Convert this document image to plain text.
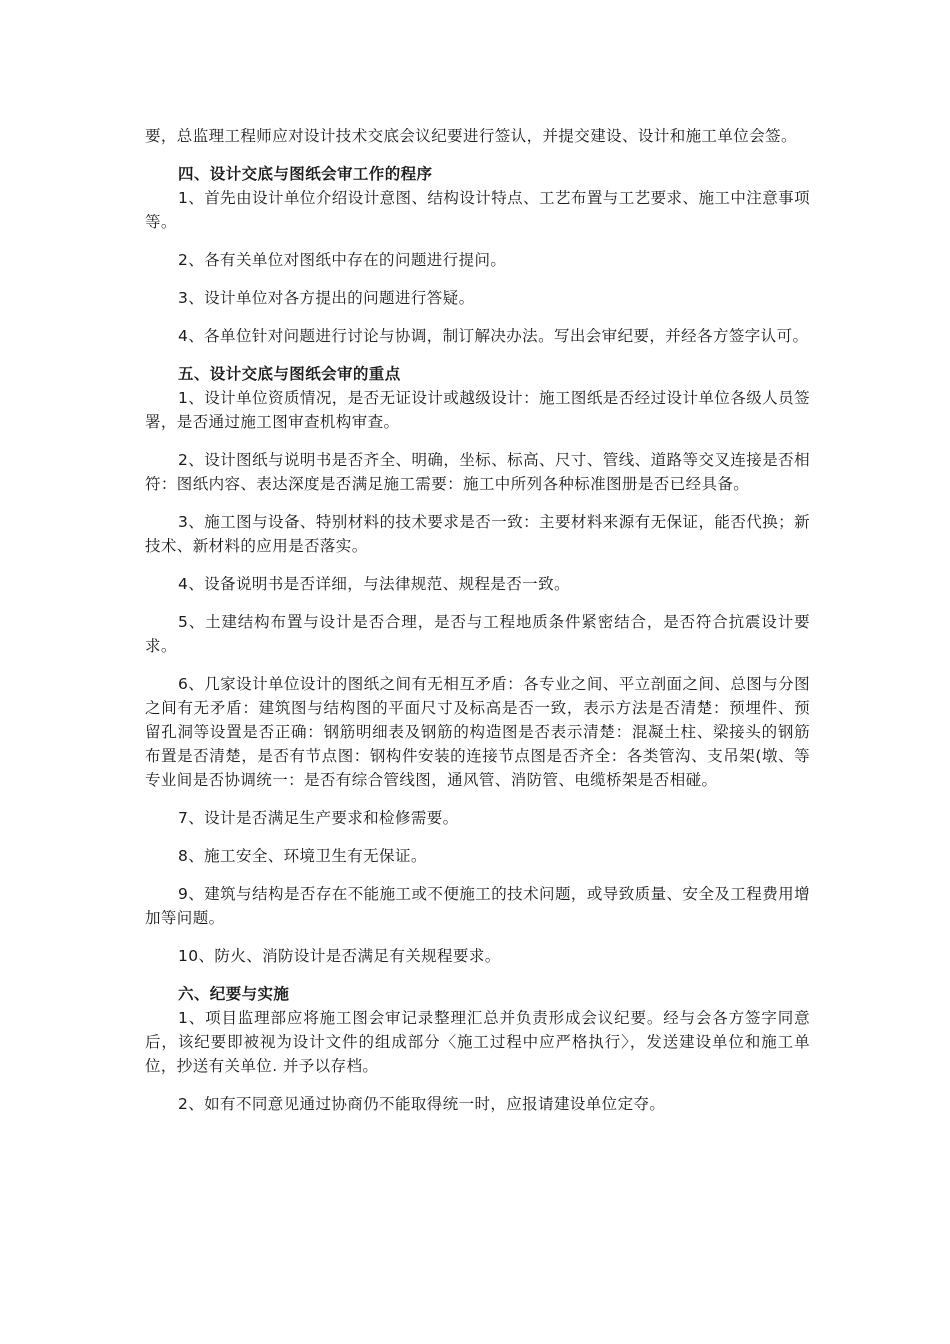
要，总监理工程师应对设计技术交底会议纪要进行签认，并提交建设、设计和施工单位会签。

四、设计交底与图纸会审工作的程序

1、首先由设计单位介绍设计意图、结构设计特点、工艺布置与工艺要求、施工中注意事项等。

2、各有关单位对图纸中存在的问题进行提问。

3、设计单位对各方提出的问题进行答疑。

4、各单位针对问题进行讨论与协调，制订解决办法。写出会审纪要，并经各方签字认可。

五、设计交底与图纸会审的重点

1、设计单位资质情况，是否无证设计或越级设计：施工图纸是否经过设计单位各级人员签署，是否通过施工图审查机构审查。

2、设计图纸与说明书是否齐全、明确，坐标、标高、尺寸、管线、道路等交叉连接是否相符：图纸内容、表达深度是否满足施工需要：施工中所列各种标准图册是否已经具备。

3、施工图与设备、特别材料的技术要求是否一致：主要材料来源有无保证，能否代换；新技术、新材料的应用是否落实。

4、设备说明书是否详细，与法律规范、规程是否一致。

5、土建结构布置与设计是否合理，是否与工程地质条件紧密结合，是否符合抗震设计要求。

6、几家设计单位设计的图纸之间有无相互矛盾：各专业之间、平立剖面之间、总图与分图之间有无矛盾：建筑图与结构图的平面尺寸及标高是否一致，表示方法是否清楚：预埋件、预留孔洞等设置是否正确：钢筋明细表及钢筋的构造图是否表示清楚：混凝土柱、梁接头的钢筋布置是否清楚，是否有节点图：钢构件安装的连接节点图是否齐全：各类管沟、支吊架(墩、等专业间是否协调统一：是否有综合管线图，通风管、消防管、电缆桥架是否相碰。

7、设计是否满足生产要求和检修需要。

8、施工安全、环境卫生有无保证。

9、建筑与结构是否存在不能施工或不便施工的技术问题，或导致质量、安全及工程费用增加等问题。

10、防火、消防设计是否满足有关规程要求。

六、纪要与实施

1、项目监理部应将施工图会审记录整理汇总并负责形成会议纪要。经与会各方签字同意后，该纪要即被视为设计文件的组成部分〈施工过程中应严格执行〉，发送建设单位和施工单位，抄送有关单位. 并予以存档。

2、如有不同意见通过协商仍不能取得统一时，应报请建设单位定夺。
